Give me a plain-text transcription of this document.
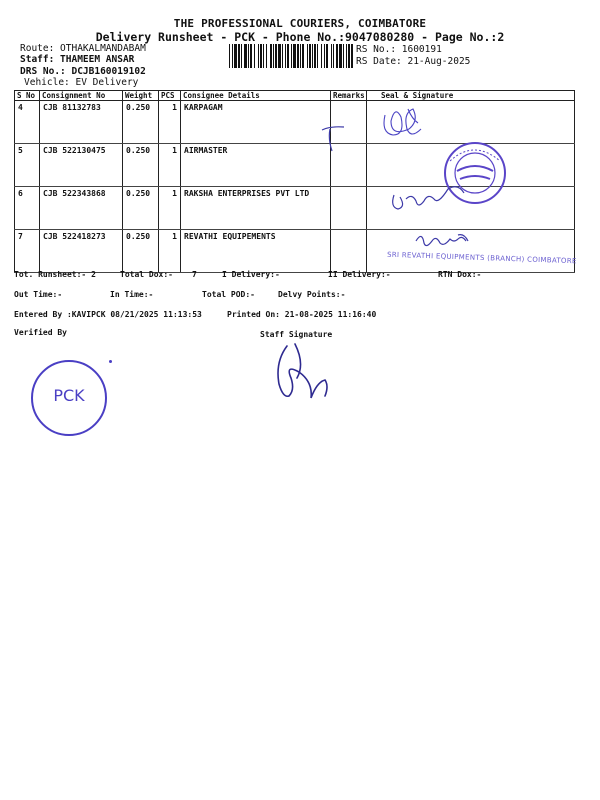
THE PROFESSIONAL COURIERS, COIMBATORE
Delivery Runsheet - PCK - Phone No.:9047080280 - Page No.:2
Route: OTHAKALMANDABAM
Staff: THAMEEM ANSAR
DRS No.: DCJB160019102
Vehicle: EV Delivery
RS No.: 1600191
RS Date: 21-Aug-2025
S No	Consignment No	Weight	PCS	Consignee Details	Remarks	Seal & Signature
4	CJB 81132783	0.250	1	KARPAGAM		
5	CJB 522130475	0.250	1	AIRMASTER		
6	CJB 522343868	0.250	1	RAKSHA ENTERPRISES PVT LTD		
7	CJB 522418273	0.250	1	REVATHI EQUIPEMENTS		
SRI REVATHI EQUIPMENTS (BRANCH) COIMBATORE
Tot. Runsheet:- 2	Total Dox:- 7	I Delivery:-	II Delivery:-	RTN Dox:-
Out Time:-	In Time:-	Total POD:-	Delvy Points:-
Entered By :KAVIPCK 08/21/2025 11:13:53	Printed On: 21-08-2025 11:16:40
Verified By	Staff Signature
PCK
